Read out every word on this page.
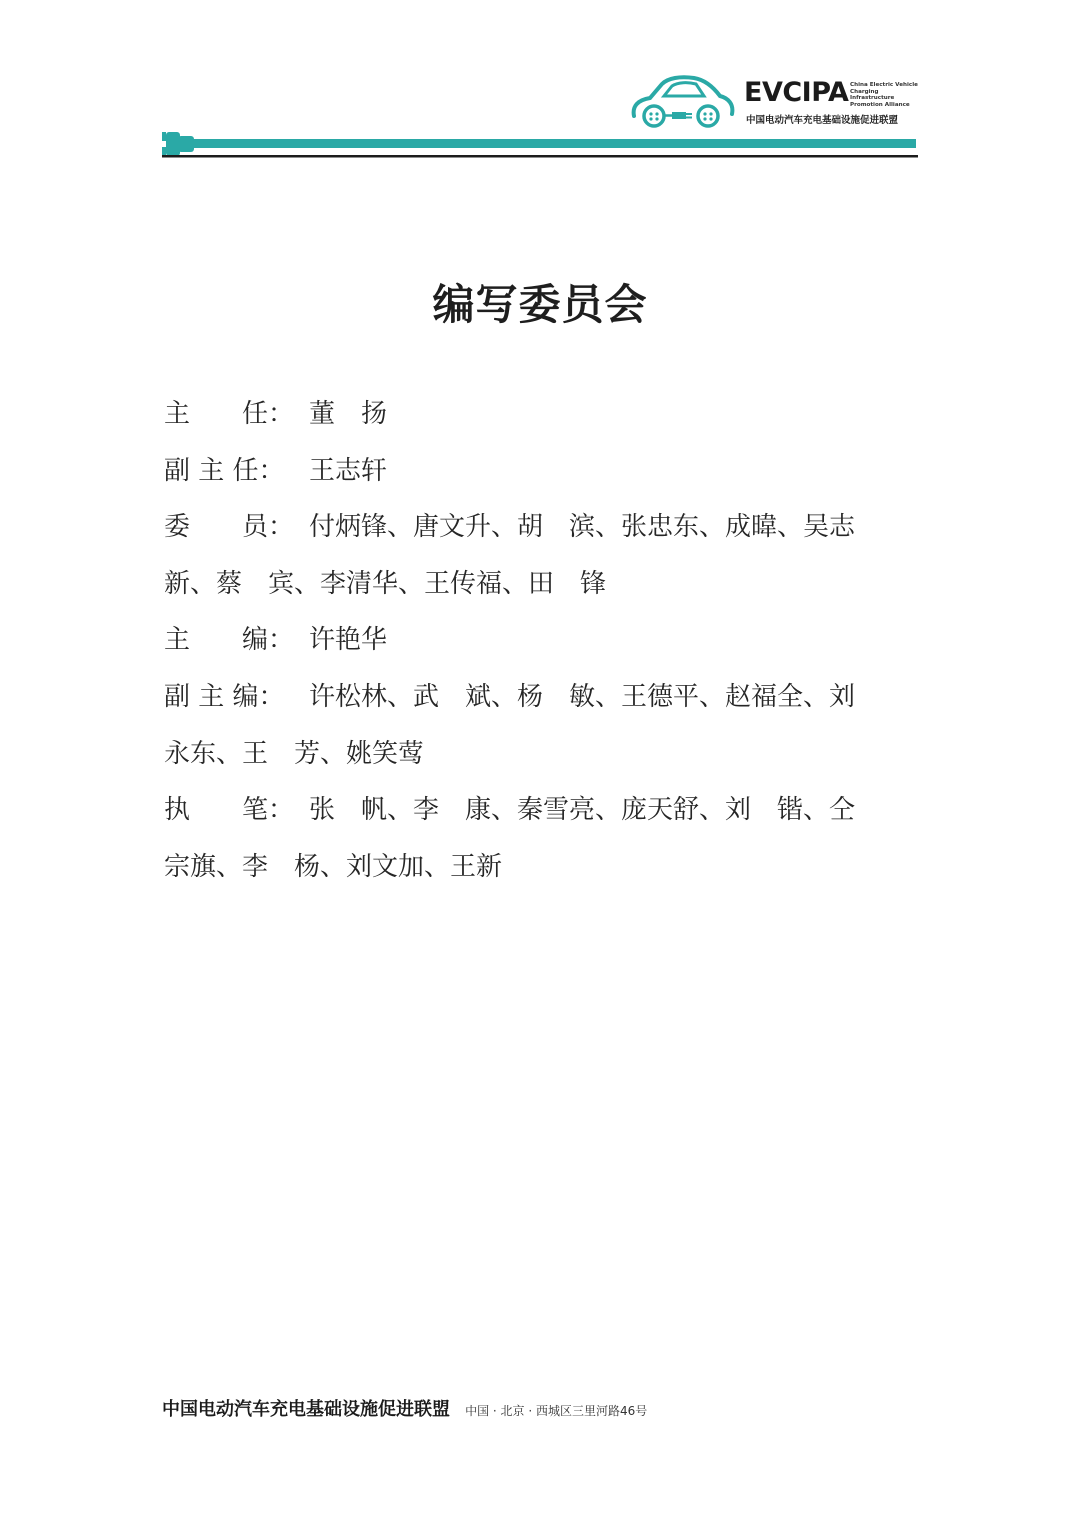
EVCIPA China Electric Vehicle
Charging Infrastructure
Promotion Alliance
中国电动汽车充电基础设施促进联盟
编写委员会
主　　任： 董　扬
副 主 任： 王志轩
委　　员： 付炳锋、唐文升、胡　滨、张忠东、成暐、吴志
新、蔡　宾、李清华、王传福、田　锋
主　　编： 许艳华
副 主 编： 许松林、武　斌、杨　敏、王德平、赵福全、刘
永东、王　芳、姚笑莺
执　　笔： 张　帆、李　康、秦雪亮、庞天舒、刘　锴、仝
宗旗、李　杨、刘文加、王新
中国电动汽车充电基础设施促进联盟 中国 · 北京 · 西城区三里河路46号
